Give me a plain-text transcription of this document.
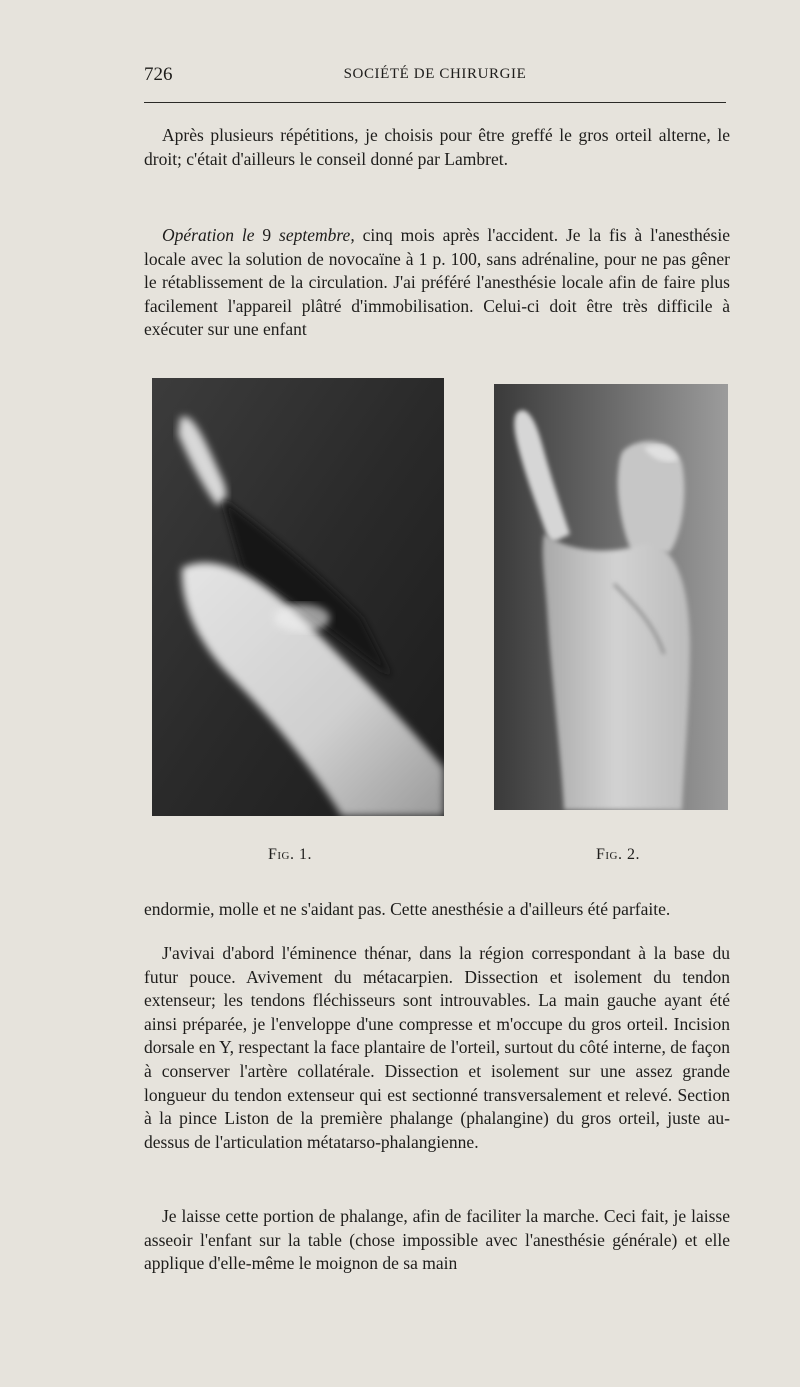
726	SOCIÉTÉ DE CHIRURGIE

Après plusieurs répétitions, je choisis pour être greffé le gros orteil alterne, le droit; c'était d'ailleurs le conseil donné par Lambret.

Opération le 9 septembre, cinq mois après l'accident. Je la fis à l'anesthésie locale avec la solution de novocaïne à 1 p. 100, sans adrénaline, pour ne pas gêner le rétablissement de la circulation. J'ai préféré l'anesthésie locale afin de faire plus facilement l'appareil plâtré d'immobilisation. Celui-ci doit être très difficile à exécuter sur une enfant

Fig. 1.	Fig. 2.

endormie, molle et ne s'aidant pas. Cette anesthésie a d'ailleurs été parfaite.

J'avivai d'abord l'éminence thénar, dans la région correspondant à la base du futur pouce. Avivement du métacarpien. Dissection et isolement du tendon extenseur; les tendons fléchisseurs sont introuvables. La main gauche ayant été ainsi préparée, je l'enveloppe d'une compresse et m'occupe du gros orteil. Incision dorsale en Y, respectant la face plantaire de l'orteil, surtout du côté interne, de façon à conserver l'artère collatérale. Dissection et isolement sur une assez grande longueur du tendon extenseur qui est sectionné transversalement et relevé. Section à la pince Liston de la première phalange (phalangine) du gros orteil, juste au-dessus de l'articulation métatarso-phalangienne.

Je laisse cette portion de phalange, afin de faciliter la marche. Ceci fait, je laisse asseoir l'enfant sur la table (chose impossible avec l'anesthésie générale) et elle applique d'elle-même le moignon de sa main
